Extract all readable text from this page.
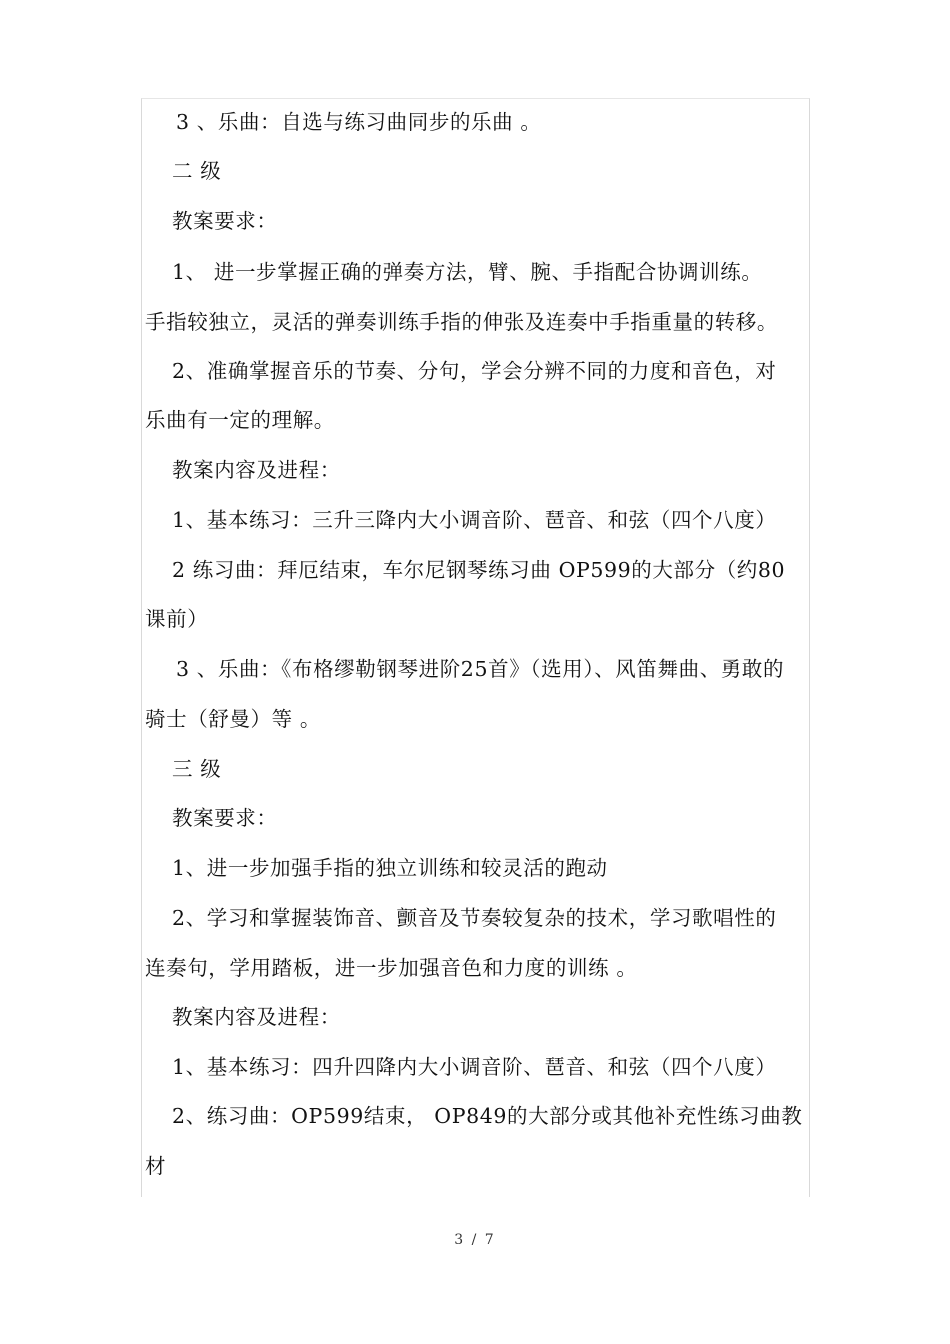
3 、乐曲：自选与练习曲同步的乐曲 。
二 级
教案要求：
1、 进一步掌握正确的弹奏方法，臂、腕、手指配合协调训练。
手指较独立，灵活的弹奏训练手指的伸张及连奏中手指重量的转移。
2、准确掌握音乐的节奏、分句，学会分辨不同的力度和音色，对
乐曲有一定的理解。
教案内容及进程：
1、基本练习：三升三降内大小调音阶、琶音、和弦（四个八度）
2 练习曲：拜厄结束，车尔尼钢琴练习曲 OP599的大部分（约80
课前）
3 、乐曲：《布格缪勒钢琴进阶25首》（选用）、风笛舞曲、勇敢的
骑士（舒曼）等 。
三 级
教案要求：
1、进一步加强手指的独立训练和较灵活的跑动
2、学习和掌握装饰音、颤音及节奏较复杂的技术，学习歌唱性的
连奏句，学用踏板，进一步加强音色和力度的训练 。
教案内容及进程：
1、基本练习：四升四降内大小调音阶、琶音、和弦（四个八度）
2、练习曲：OP599结束， OP849的大部分或其他补充性练习曲教
材
3 / 7
